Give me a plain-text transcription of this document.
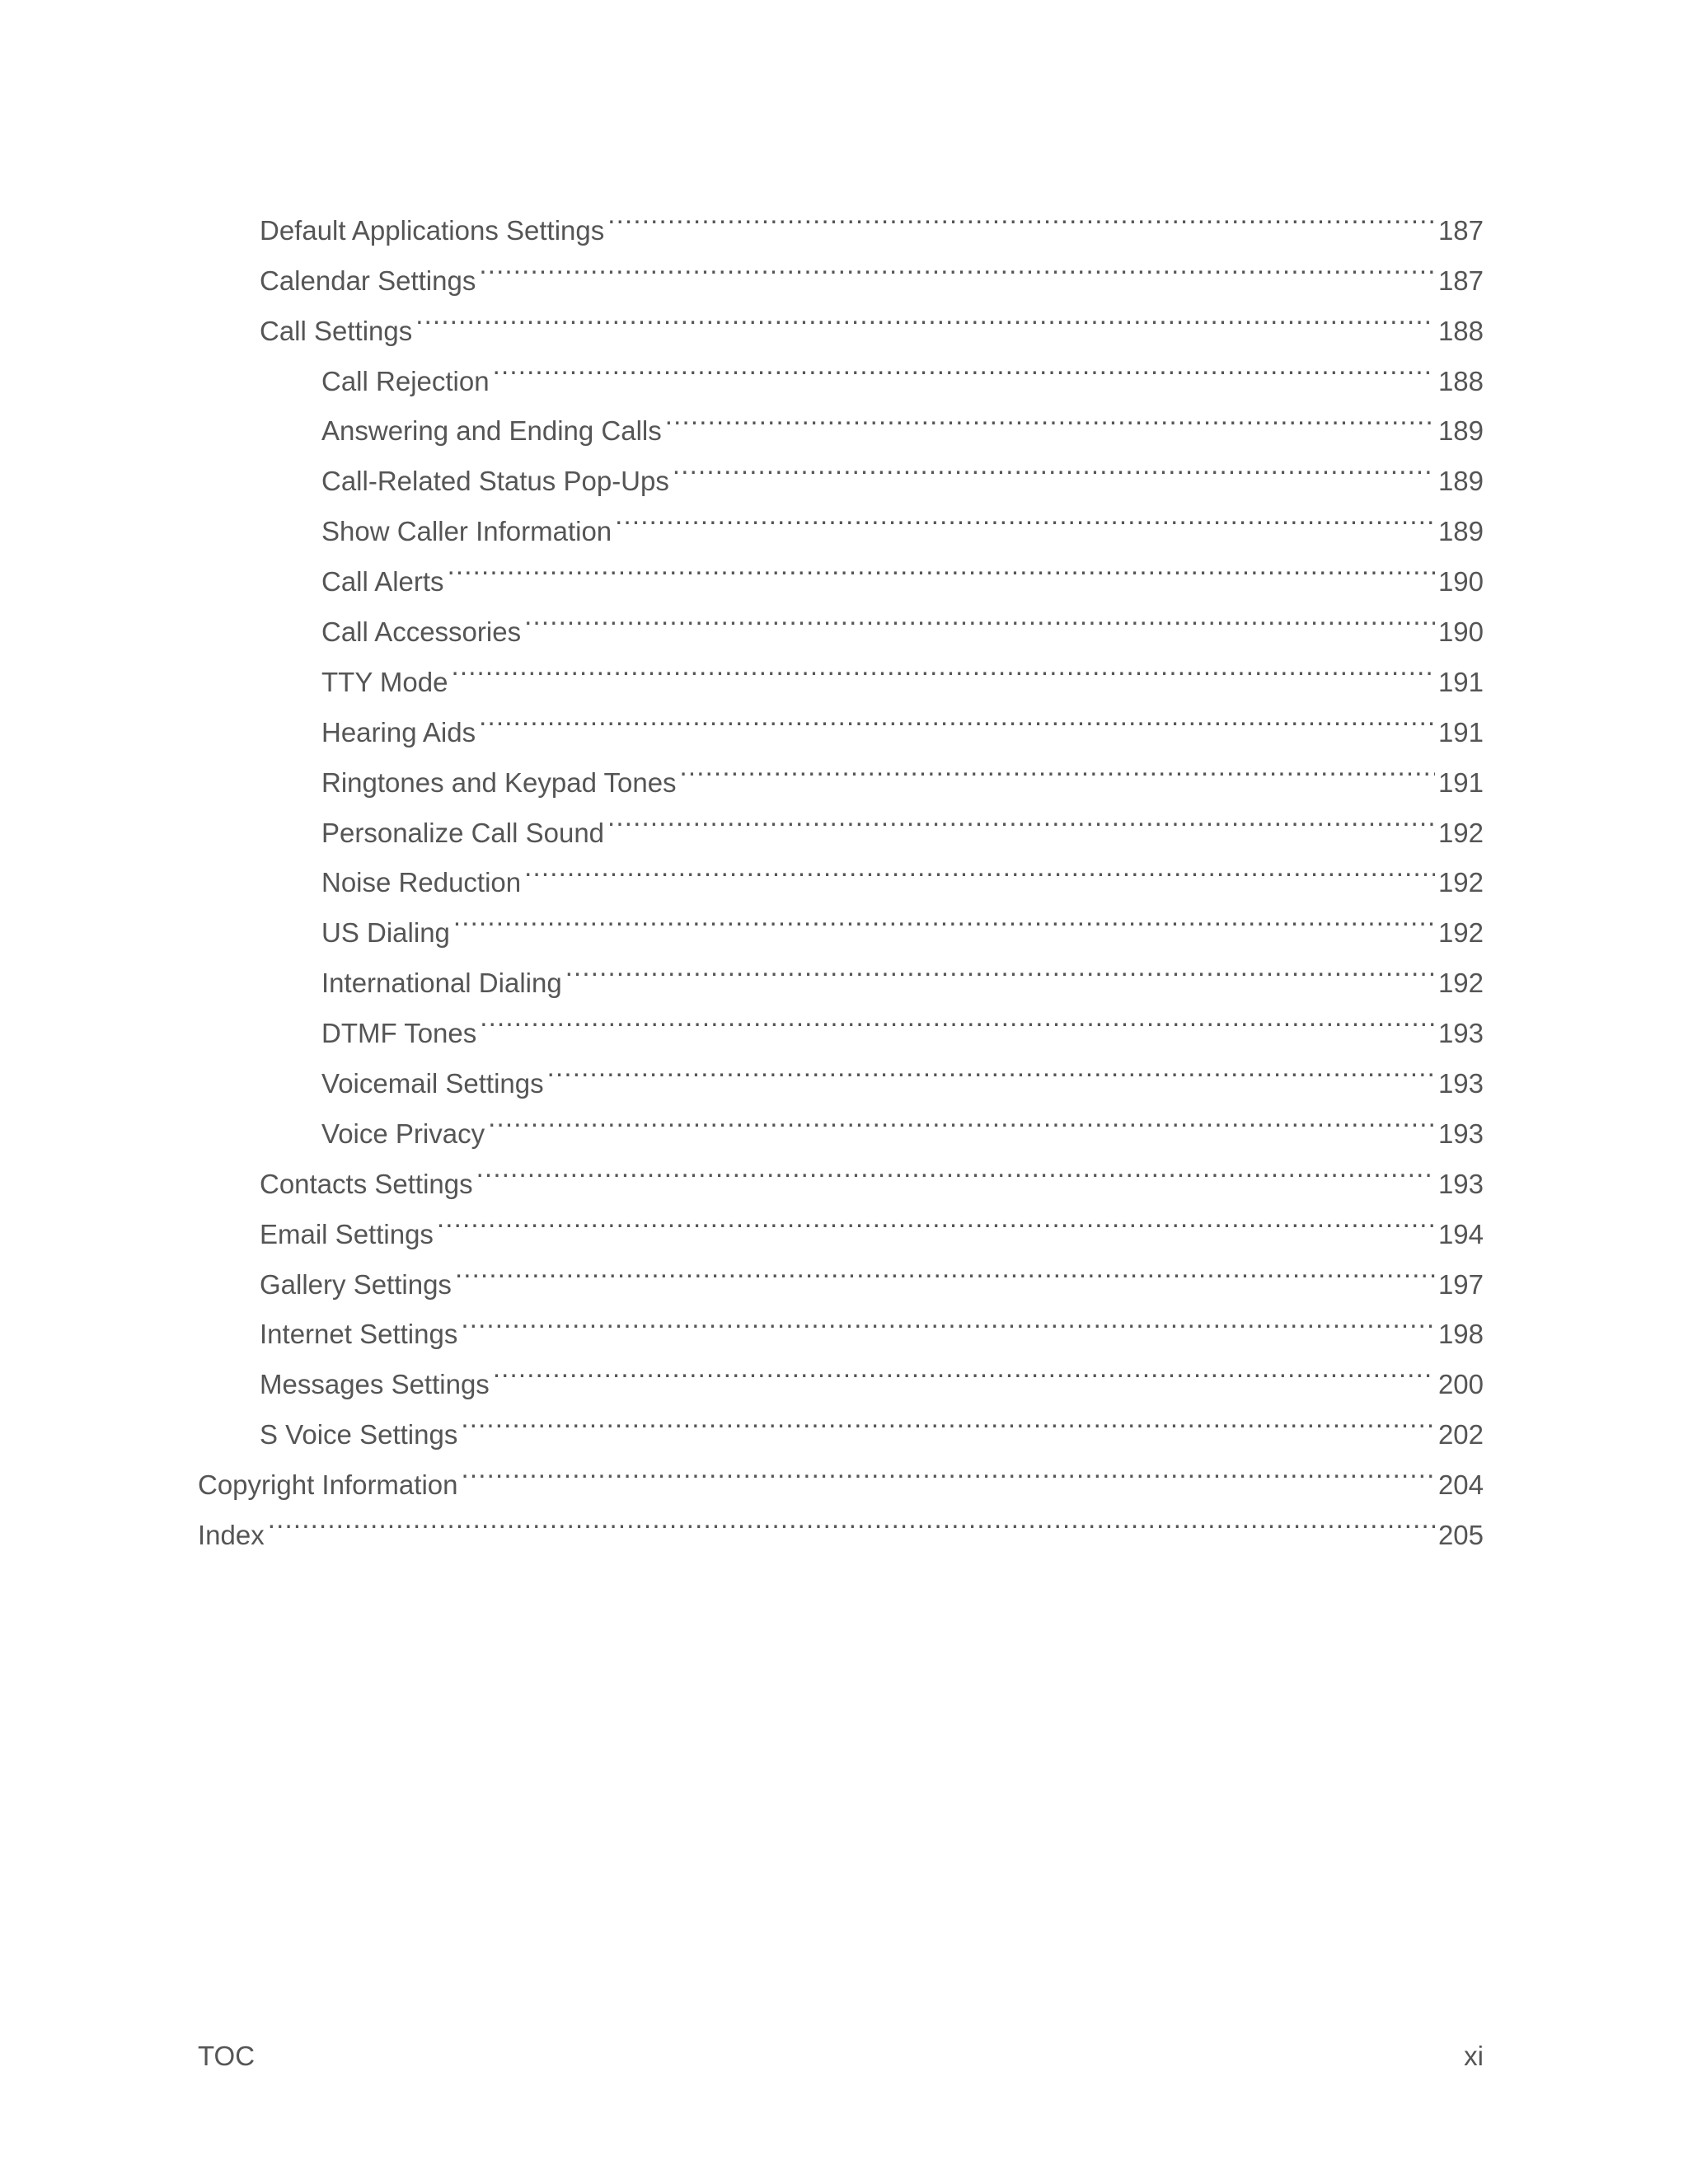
Default Applications Settings .....	187
Calendar Settings .....	187
Call Settings .....	188
Call Rejection .....	188
Answering and Ending Calls .....	189
Call-Related Status Pop-Ups .....	189
Show Caller Information .....	189
Call Alerts .....	190
Call Accessories .....	190
TTY Mode .....	191
Hearing Aids .....	191
Ringtones and Keypad Tones .....	191
Personalize Call Sound .....	192
Noise Reduction .....	192
US Dialing .....	192
International Dialing .....	192
DTMF Tones .....	193
Voicemail Settings .....	193
Voice Privacy .....	193
Contacts Settings .....	193
Email Settings .....	194
Gallery Settings .....	197
Internet Settings .....	198
Messages Settings .....	200
S Voice Settings .....	202
Copyright Information .....	204
Index .....	205
TOC	xi
